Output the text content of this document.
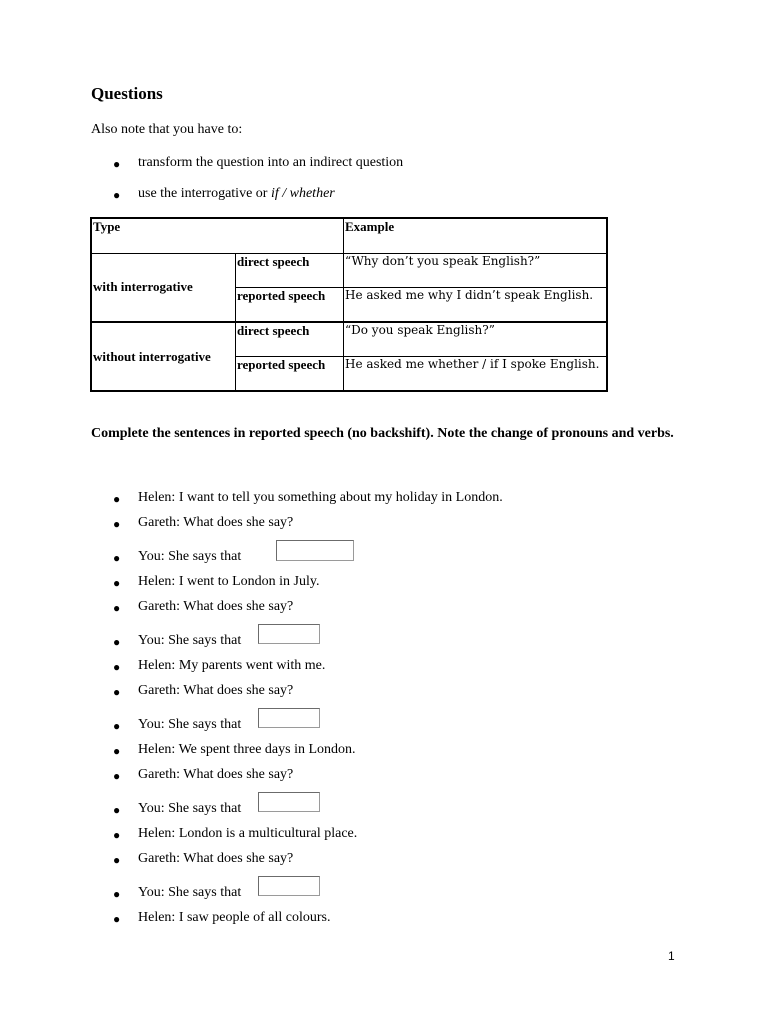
Questions
Also note that you have to:
● transform the question into an indirect question
● use the interrogative or if / whether
Type		Example
with interrogative	direct speech	“Why don’t you speak English?”
	reported speech	He asked me why I didn’t speak English.
without interrogative	direct speech	“Do you speak English?”
	reported speech	He asked me whether / if I spoke English.
Complete the sentences in reported speech (no backshift). Note the change of pronouns and verbs.
● Helen: I want to tell you something about my holiday in London.
● Gareth: What does she say?
● You: She says that
● Helen: I went to London in July.
● Gareth: What does she say?
● You: She says that
● Helen: My parents went with me.
● Gareth: What does she say?
● You: She says that
● Helen: We spent three days in London.
● Gareth: What does she say?
● You: She says that
● Helen: London is a multicultural place.
● Gareth: What does she say?
● You: She says that
● Helen: I saw people of all colours.
1
